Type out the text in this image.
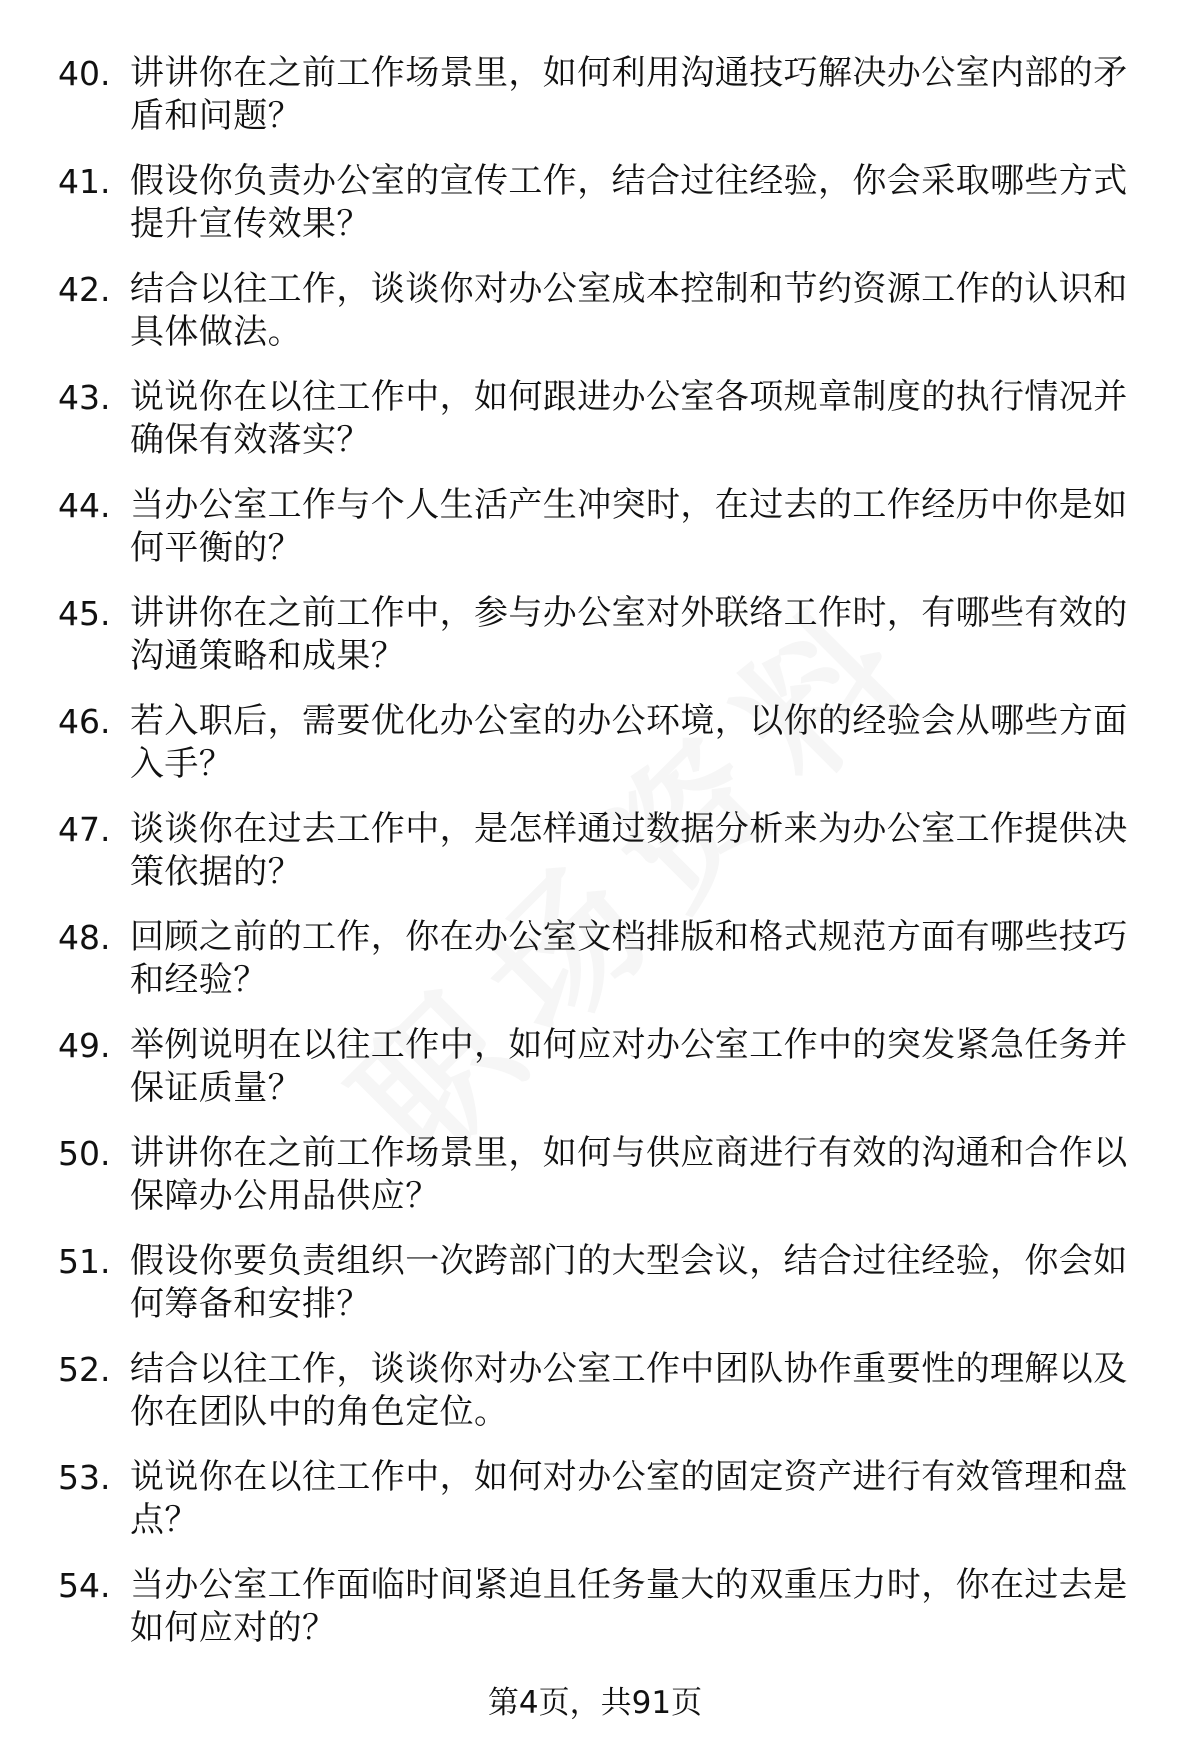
40. 讲讲你在之前工作场景里，如何利用沟通技巧解决办公室内部的矛盾和问题？
41. 假设你负责办公室的宣传工作，结合过往经验，你会采取哪些方式提升宣传效果？
42. 结合以往工作，谈谈你对办公室成本控制和节约资源工作的认识和具体做法。
43. 说说你在以往工作中，如何跟进办公室各项规章制度的执行情况并确保有效落实？
44. 当办公室工作与个人生活产生冲突时，在过去的工作经历中你是如何平衡的？
45. 讲讲你在之前工作中，参与办公室对外联络工作时，有哪些有效的沟通策略和成果？
46. 若入职后，需要优化办公室的办公环境，以你的经验会从哪些方面入手？
47. 谈谈你在过去工作中，是怎样通过数据分析来为办公室工作提供决策依据的？
48. 回顾之前的工作，你在办公室文档排版和格式规范方面有哪些技巧和经验？
49. 举例说明在以往工作中，如何应对办公室工作中的突发紧急任务并保证质量？
50. 讲讲你在之前工作场景里，如何与供应商进行有效的沟通和合作以保障办公用品供应？
51. 假设你要负责组织一次跨部门的大型会议，结合过往经验，你会如何筹备和安排？
52. 结合以往工作，谈谈你对办公室工作中团队协作重要性的理解以及你在团队中的角色定位。
53. 说说你在以往工作中，如何对办公室的固定资产进行有效管理和盘点？
54. 当办公室工作面临时间紧迫且任务量大的双重压力时，你在过去是如何应对的？
第4页，共91页
